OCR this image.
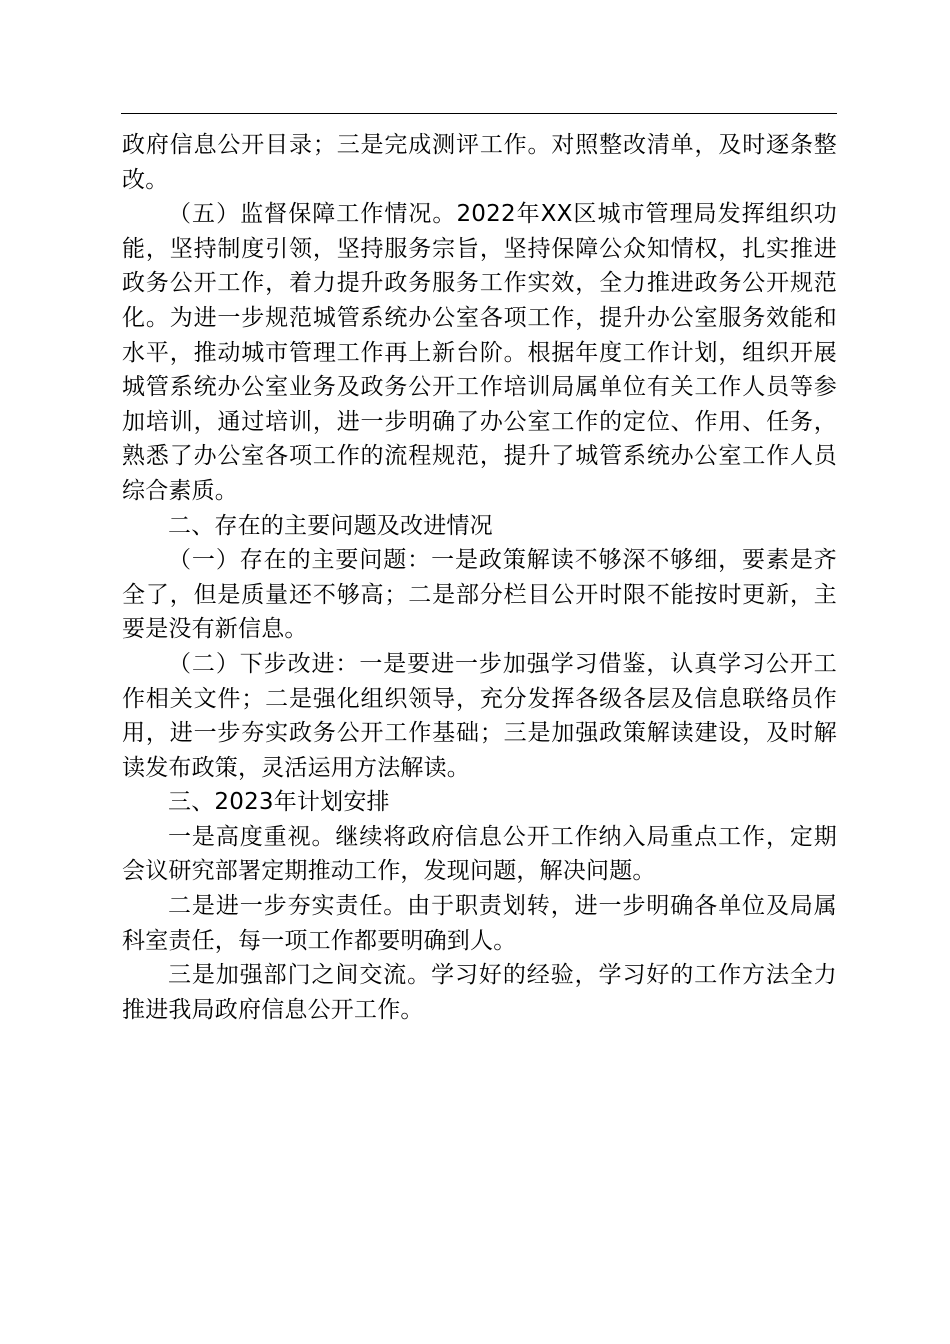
政府信息公开目录；三是完成测评工作。对照整改清单，及时逐条整改。

（五）监督保障工作情况。2022年XX区城市管理局发挥组织功能，坚持制度引领，坚持服务宗旨，坚持保障公众知情权，扎实推进政务公开工作，着力提升政务服务工作实效，全力推进政务公开规范化。为进一步规范城管系统办公室各项工作，提升办公室服务效能和水平，推动城市管理工作再上新台阶。根据年度工作计划，组织开展城管系统办公室业务及政务公开工作培训局属单位有关工作人员等参加培训，通过培训，进一步明确了办公室工作的定位、作用、任务，熟悉了办公室各项工作的流程规范，提升了城管系统办公室工作人员综合素质。

二、存在的主要问题及改进情况

（一）存在的主要问题：一是政策解读不够深不够细，要素是齐全了，但是质量还不够高；二是部分栏目公开时限不能按时更新，主要是没有新信息。

（二）下步改进：一是要进一步加强学习借鉴，认真学习公开工作相关文件；二是强化组织领导，充分发挥各级各层及信息联络员作用，进一步夯实政务公开工作基础；三是加强政策解读建设，及时解读发布政策，灵活运用方法解读。

三、2023年计划安排

一是高度重视。继续将政府信息公开工作纳入局重点工作，定期会议研究部署定期推动工作，发现问题，解决问题。

二是进一步夯实责任。由于职责划转，进一步明确各单位及局属科室责任，每一项工作都要明确到人。

三是加强部门之间交流。学习好的经验，学习好的工作方法全力推进我局政府信息公开工作。
